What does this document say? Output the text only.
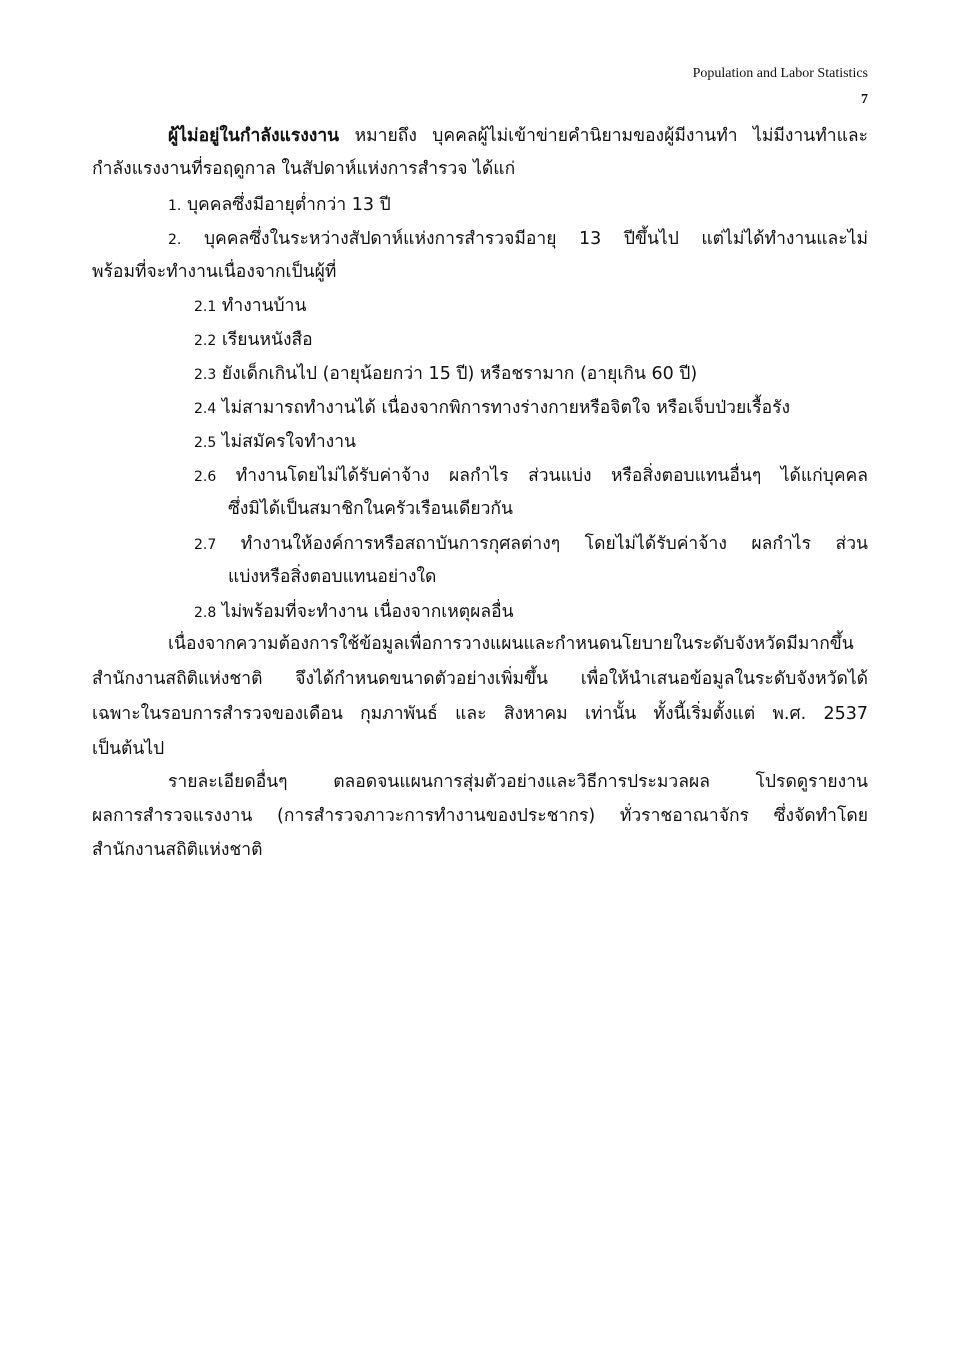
Population and Labor Statistics
7
ผู้ไม่อยู่ในกำลังแรงงาน หมายถึง บุคคลผู้ไม่เข้าข่ายคำนิยามของผู้มีงานทำ ไม่มีงานทำและ
กำลังแรงงานที่รอฤดูกาล ในสัปดาห์แห่งการสำรวจ ได้แก่
1. บุคคลซึ่งมีอายุต่ำกว่า 13 ปี
2. บุคคลซึ่งในระหว่างสัปดาห์แห่งการสำรวจมีอายุ 13 ปีขึ้นไป แต่ไม่ได้ทำงานและไม่
พร้อมที่จะทำงานเนื่องจากเป็นผู้ที่
2.1 ทำงานบ้าน
2.2 เรียนหนังสือ
2.3 ยังเด็กเกินไป (อายุน้อยกว่า 15 ปี) หรือชรามาก (อายุเกิน 60 ปี)
2.4 ไม่สามารถทำงานได้ เนื่องจากพิการทางร่างกายหรือจิตใจ หรือเจ็บป่วยเรื้อรัง
2.5 ไม่สมัครใจทำงาน
2.6 ทำงานโดยไม่ได้รับค่าจ้าง ผลกำไร ส่วนแบ่ง หรือสิ่งตอบแทนอื่นๆ ได้แก่บุคคล
ซึ่งมิได้เป็นสมาชิกในครัวเรือนเดียวกัน
2.7 ทำงานให้องค์การหรือสถาบันการกุศลต่างๆ โดยไม่ได้รับค่าจ้าง ผลกำไร ส่วน
แบ่งหรือสิ่งตอบแทนอย่างใด
2.8 ไม่พร้อมที่จะทำงาน เนื่องจากเหตุผลอื่น
เนื่องจากความต้องการใช้ข้อมูลเพื่อการวางแผนและกำหนดนโยบายในระดับจังหวัดมีมากขึ้น
สำนักงานสถิติแห่งชาติ จึงได้กำหนดขนาดตัวอย่างเพิ่มขึ้น เพื่อให้นำเสนอข้อมูลในระดับจังหวัดได้
เฉพาะในรอบการสำรวจของเดือน กุมภาพันธ์ และ สิงหาคม เท่านั้น ทั้งนี้เริ่มตั้งแต่ พ.ศ. 2537
เป็นต้นไป
รายละเอียดอื่นๆ ตลอดจนแผนการสุ่มตัวอย่างและวิธีการประมวลผล โปรดดูรายงาน
ผลการสำรวจแรงงาน (การสำรวจภาวะการทำงานของประชากร) ทั่วราชอาณาจักร ซึ่งจัดทำโดย
สำนักงานสถิติแห่งชาติ
